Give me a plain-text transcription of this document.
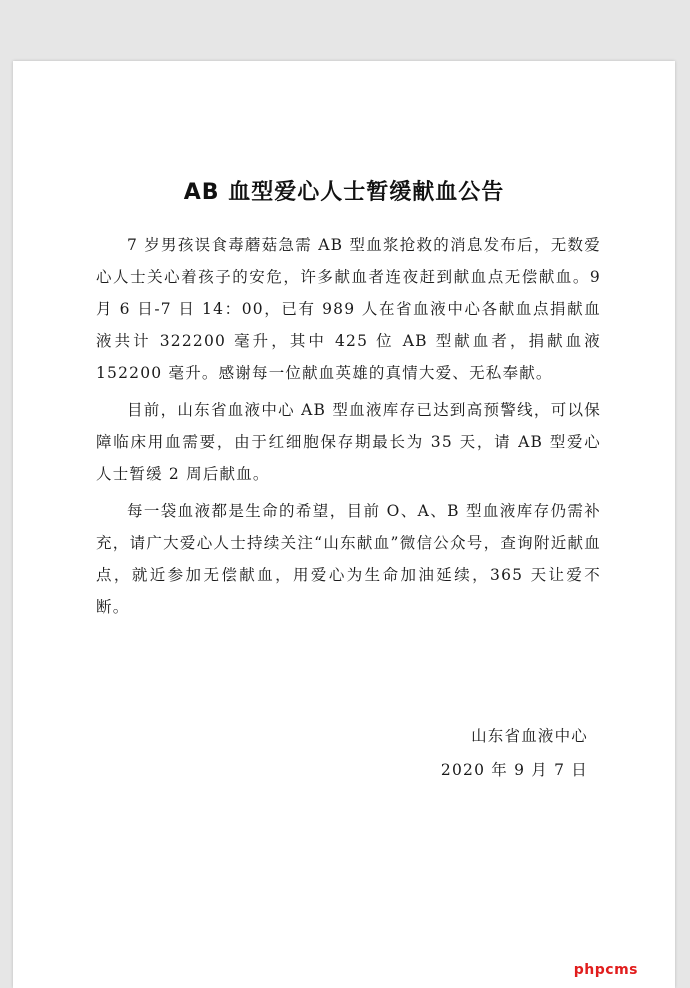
AB 血型爱心人士暂缓献血公告

7 岁男孩误食毒蘑菇急需 AB 型血浆抢救的消息发布后，无数爱心人士关心着孩子的安危，许多献血者连夜赶到献血点无偿献血。9 月 6 日-7 日 14：00，已有 989 人在省血液中心各献血点捐献血液共计 322200 毫升，其中 425 位 AB 型献血者，捐献血液 152200 毫升。感谢每一位献血英雄的真情大爱、无私奉献。

目前，山东省血液中心 AB 型血液库存已达到高预警线，可以保障临床用血需要，由于红细胞保存期最长为 35 天，请 AB 型爱心人士暂缓 2 周后献血。

每一袋血液都是生命的希望，目前 O、A、B 型血液库存仍需补充，请广大爱心人士持续关注“山东献血”微信公众号，查询附近献血点，就近参加无偿献血，用爱心为生命加油延续，365 天让爱不断。

山东省血液中心
2020 年 9 月 7 日
phpcms
